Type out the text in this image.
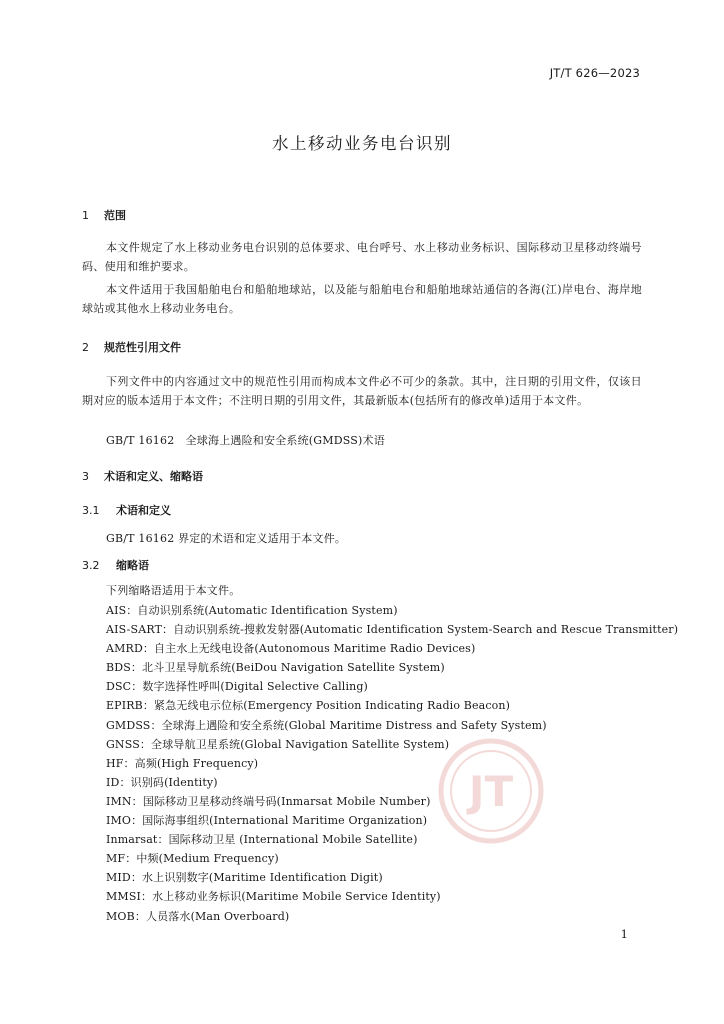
JT/T 626—2023
水上移动业务电台识别
1 范围
本文件规定了水上移动业务电台识别的总体要求、电台呼号、水上移动业务标识、国际移动卫星移动终端号码、使用和维护要求。
本文件适用于我国船舶电台和船舶地球站，以及能与船舶电台和船舶地球站通信的各海(江)岸电台、海岸地球站或其他水上移动业务电台。
2 规范性引用文件
下列文件中的内容通过文中的规范性引用而构成本文件必不可少的条款。其中，注日期的引用文件，仅该日期对应的版本适用于本文件；不注明日期的引用文件，其最新版本(包括所有的修改单)适用于本文件。
GB/T 16162　全球海上遇险和安全系统(GMDSS)术语
3 术语和定义、缩略语
3.1 术语和定义
GB/T 16162 界定的术语和定义适用于本文件。
3.2 缩略语
下列缩略语适用于本文件。
AIS：自动识别系统(Automatic Identification System)
AIS-SART：自动识别系统-搜救发射器(Automatic Identification System-Search and Rescue Transmitter)
AMRD：自主水上无线电设备(Autonomous Maritime Radio Devices)
BDS：北斗卫星导航系统(BeiDou Navigation Satellite System)
DSC：数字选择性呼叫(Digital Selective Calling)
EPIRB：紧急无线电示位标(Emergency Position Indicating Radio Beacon)
GMDSS：全球海上遇险和安全系统(Global Maritime Distress and Safety System)
GNSS：全球导航卫星系统(Global Navigation Satellite System)
HF：高频(High Frequency)
ID：识别码(Identity)
IMN：国际移动卫星移动终端号码(Inmarsat Mobile Number)
IMO：国际海事组织(International Maritime Organization)
Inmarsat：国际移动卫星 (International Mobile Satellite)
MF：中频(Medium Frequency)
MID：水上识别数字(Maritime Identification Digit)
MMSI：水上移动业务标识(Maritime Mobile Service Identity)
MOB：人员落水(Man Overboard)
JT
1
